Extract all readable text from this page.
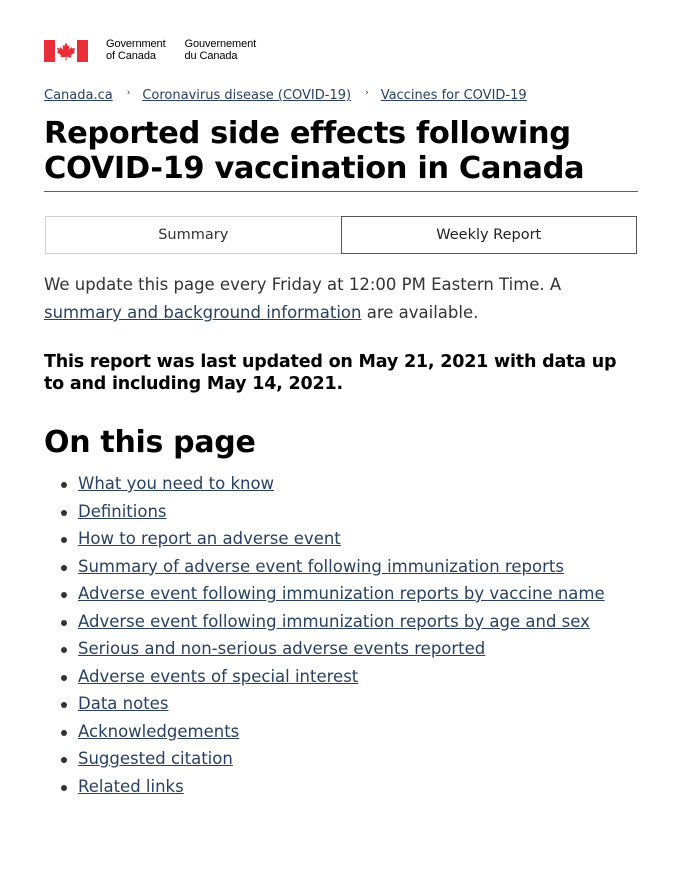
Government
of Canada
Gouvernement
du Canada
Canada.ca › Coronavirus disease (COVID-19) › Vaccines for COVID-19
Reported side effects following COVID-19 vaccination in Canada
Summary	Weekly Report

We update this page every Friday at 12:00 PM Eastern Time. A summary and background information are available.

This report was last updated on May 21, 2021 with data up to and including May 14, 2021.

On this page
What you need to know
Definitions
How to report an adverse event
Summary of adverse event following immunization reports
Adverse event following immunization reports by vaccine name
Adverse event following immunization reports by age and sex
Serious and non-serious adverse events reported
Adverse events of special interest
Data notes
Acknowledgements
Suggested citation
Related links
